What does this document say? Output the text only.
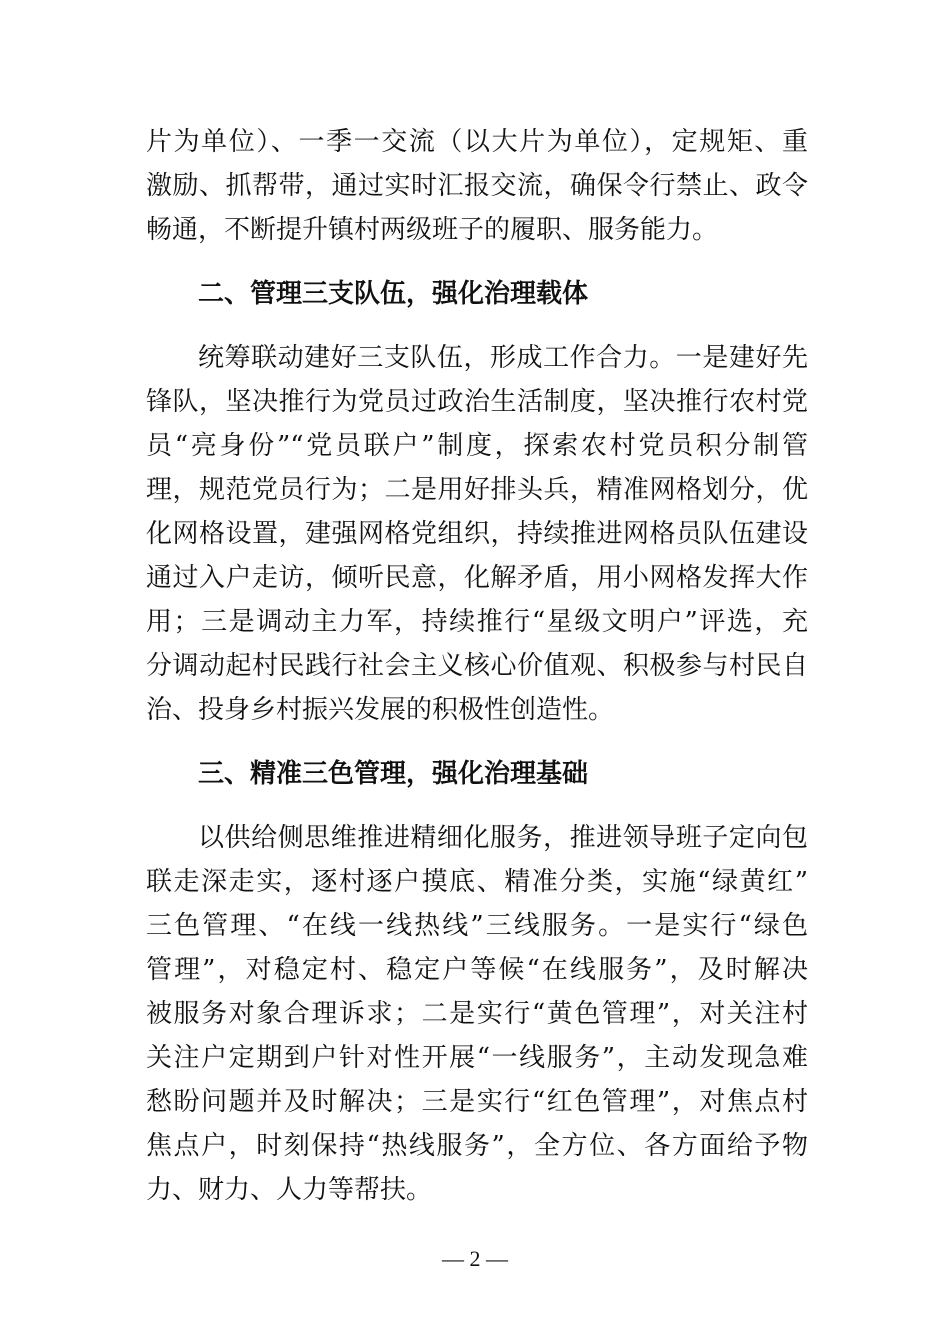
片为单位）、一季一交流（以大片为单位），定规矩、重
激励、抓帮带，通过实时汇报交流，确保令行禁止、政令
畅通，不断提升镇村两级班子的履职、服务能力。
二、管理三支队伍，强化治理载体
统筹联动建好三支队伍，形成工作合力。一是建好先
锋队，坚决推行为党员过政治生活制度，坚决推行农村党
员“亮身份”“党员联户”制度，探索农村党员积分制管
理，规范党员行为；二是用好排头兵，精准网格划分，优
化网格设置，建强网格党组织，持续推进网格员队伍建设
通过入户走访，倾听民意，化解矛盾，用小网格发挥大作
用；三是调动主力军，持续推行“星级文明户”评选，充
分调动起村民践行社会主义核心价值观、积极参与村民自
治、投身乡村振兴发展的积极性创造性。
三、精准三色管理，强化治理基础
以供给侧思维推进精细化服务，推进领导班子定向包
联走深走实，逐村逐户摸底、精准分类，实施“绿黄红”
三色管理、“在线一线热线”三线服务。一是实行“绿色
管理”，对稳定村、稳定户等候“在线服务”，及时解决
被服务对象合理诉求；二是实行“黄色管理”，对关注村
关注户定期到户针对性开展“一线服务”，主动发现急难
愁盼问题并及时解决；三是实行“红色管理”，对焦点村
焦点户，时刻保持“热线服务”，全方位、各方面给予物
力、财力、人力等帮扶。
— 2 —
